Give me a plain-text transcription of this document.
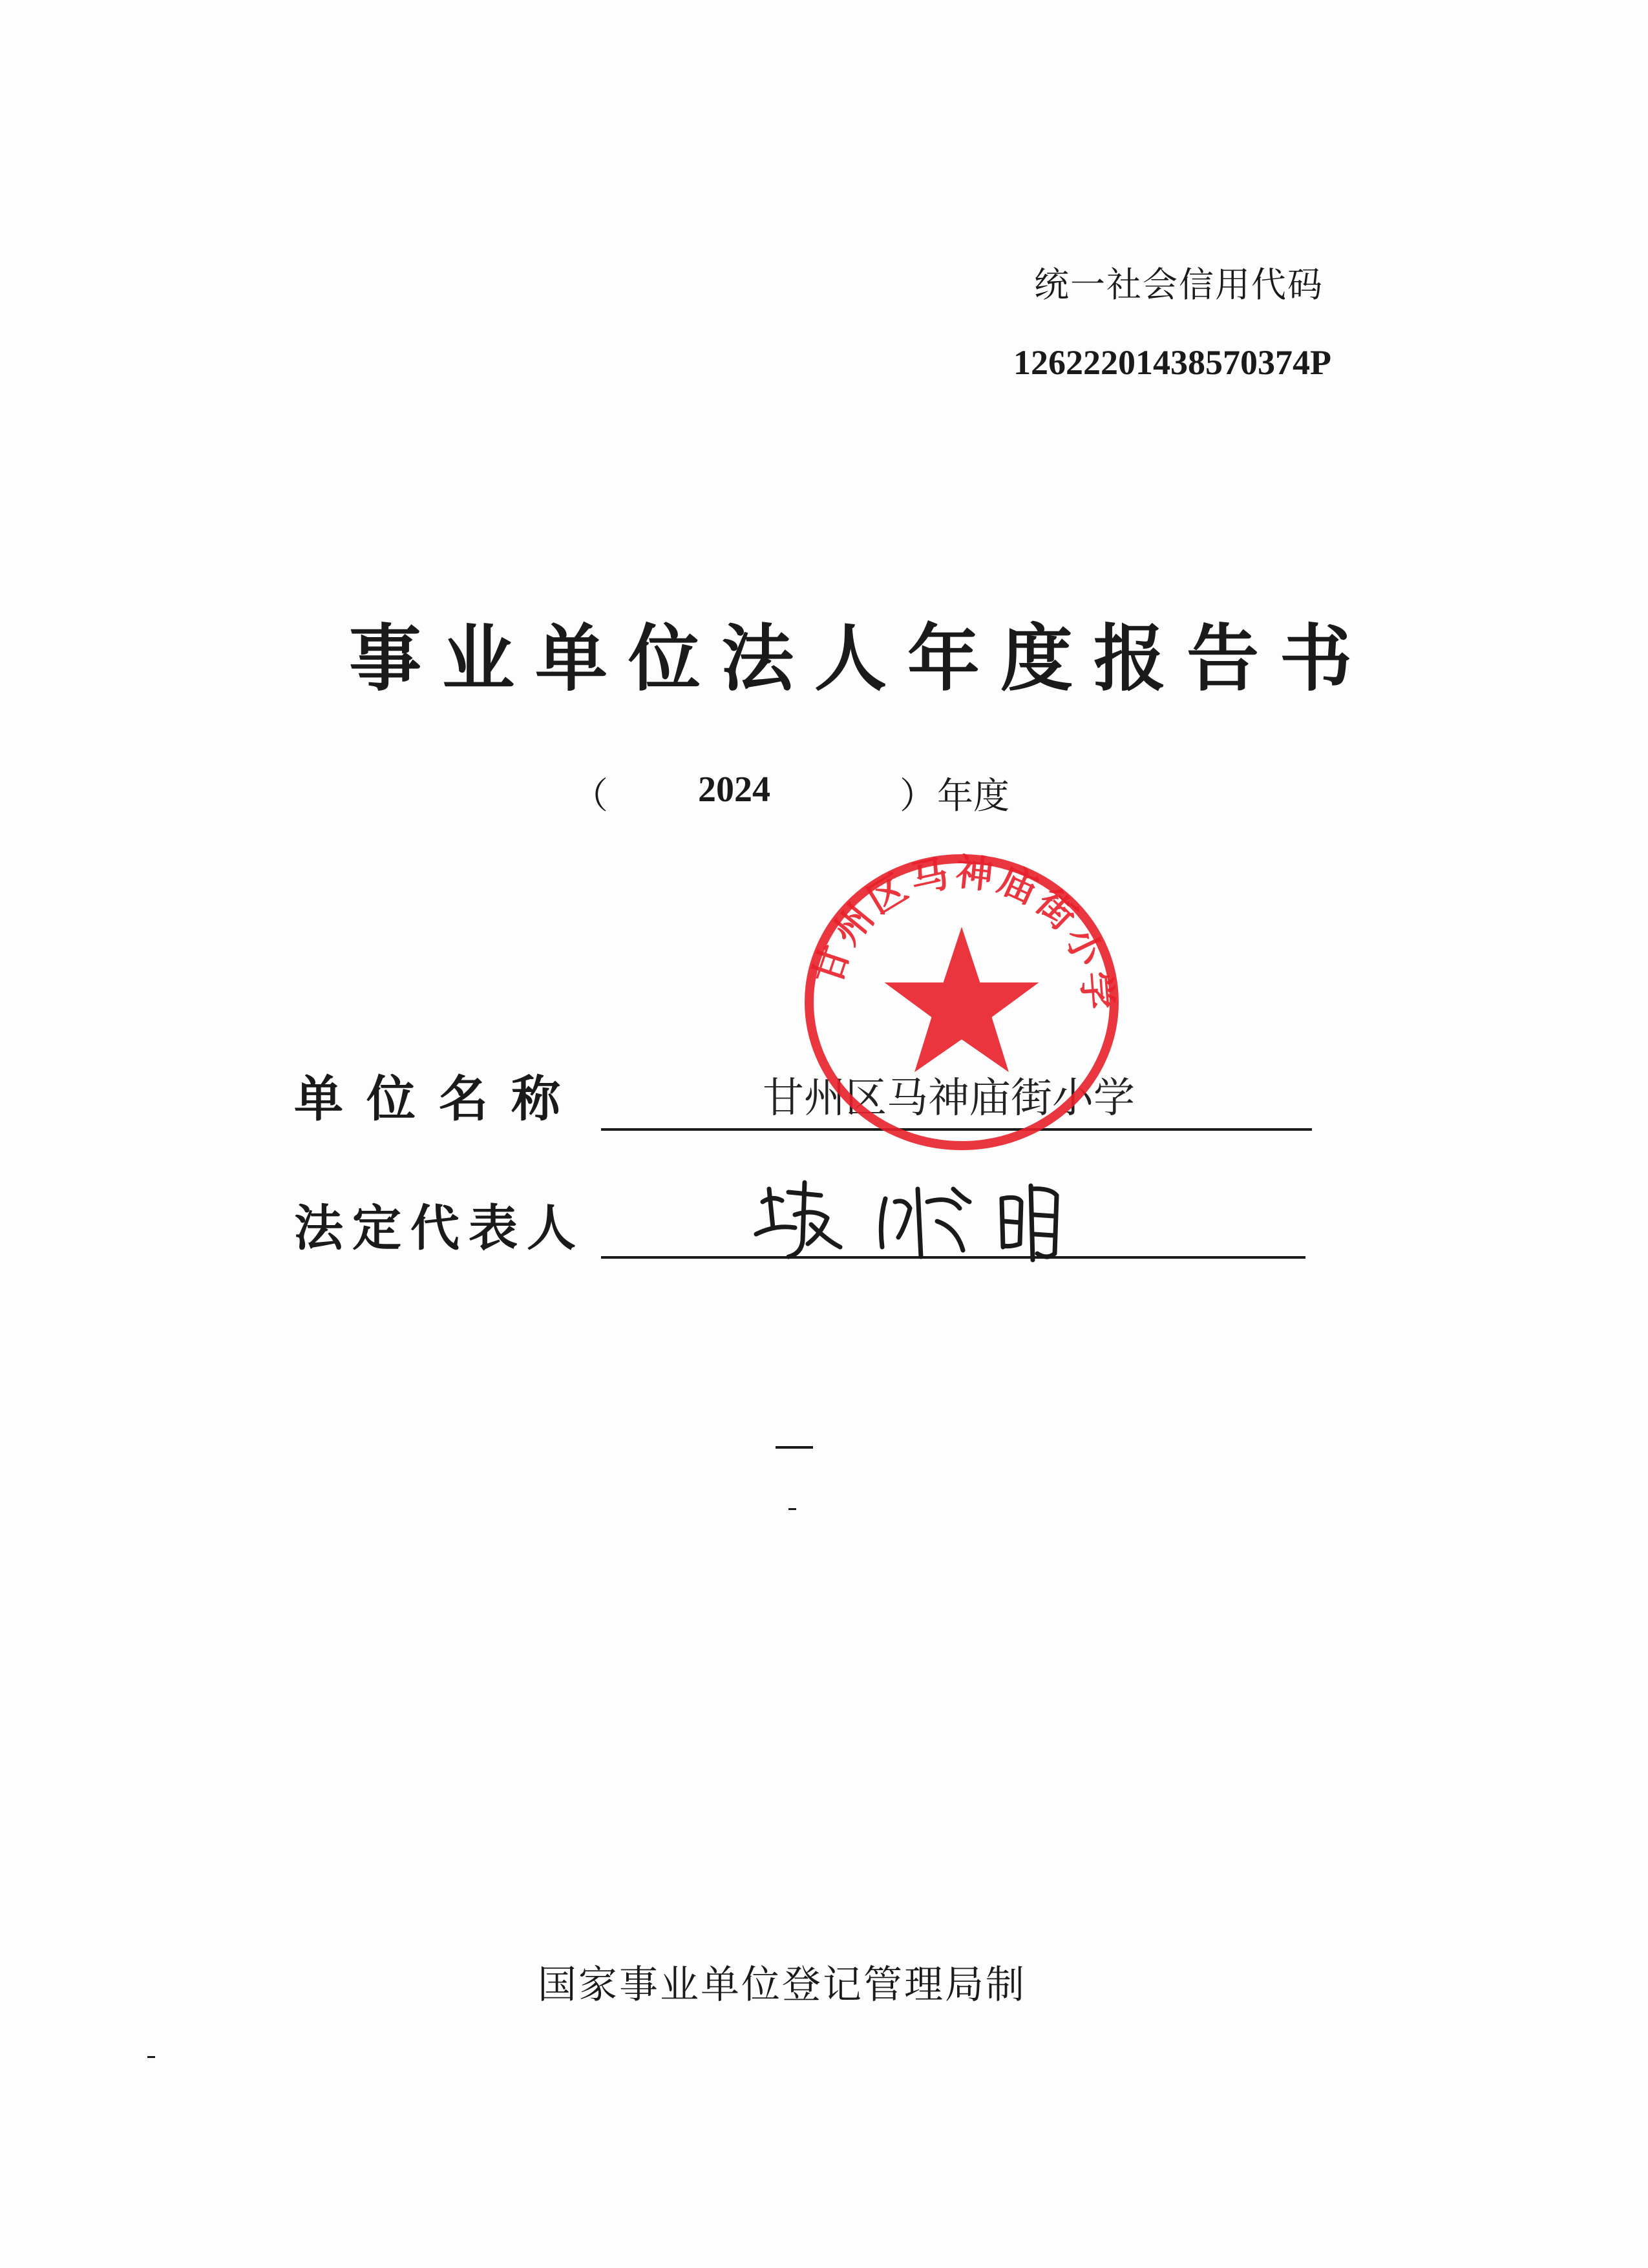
统一社会信用代码
12622201438570374P
事业单位法人年度报告书
（ 2024	） 年度
单位名称	甘州区马神庙街小学
法定代表人
甘州区马神庙街小学
国家事业单位登记管理局制
